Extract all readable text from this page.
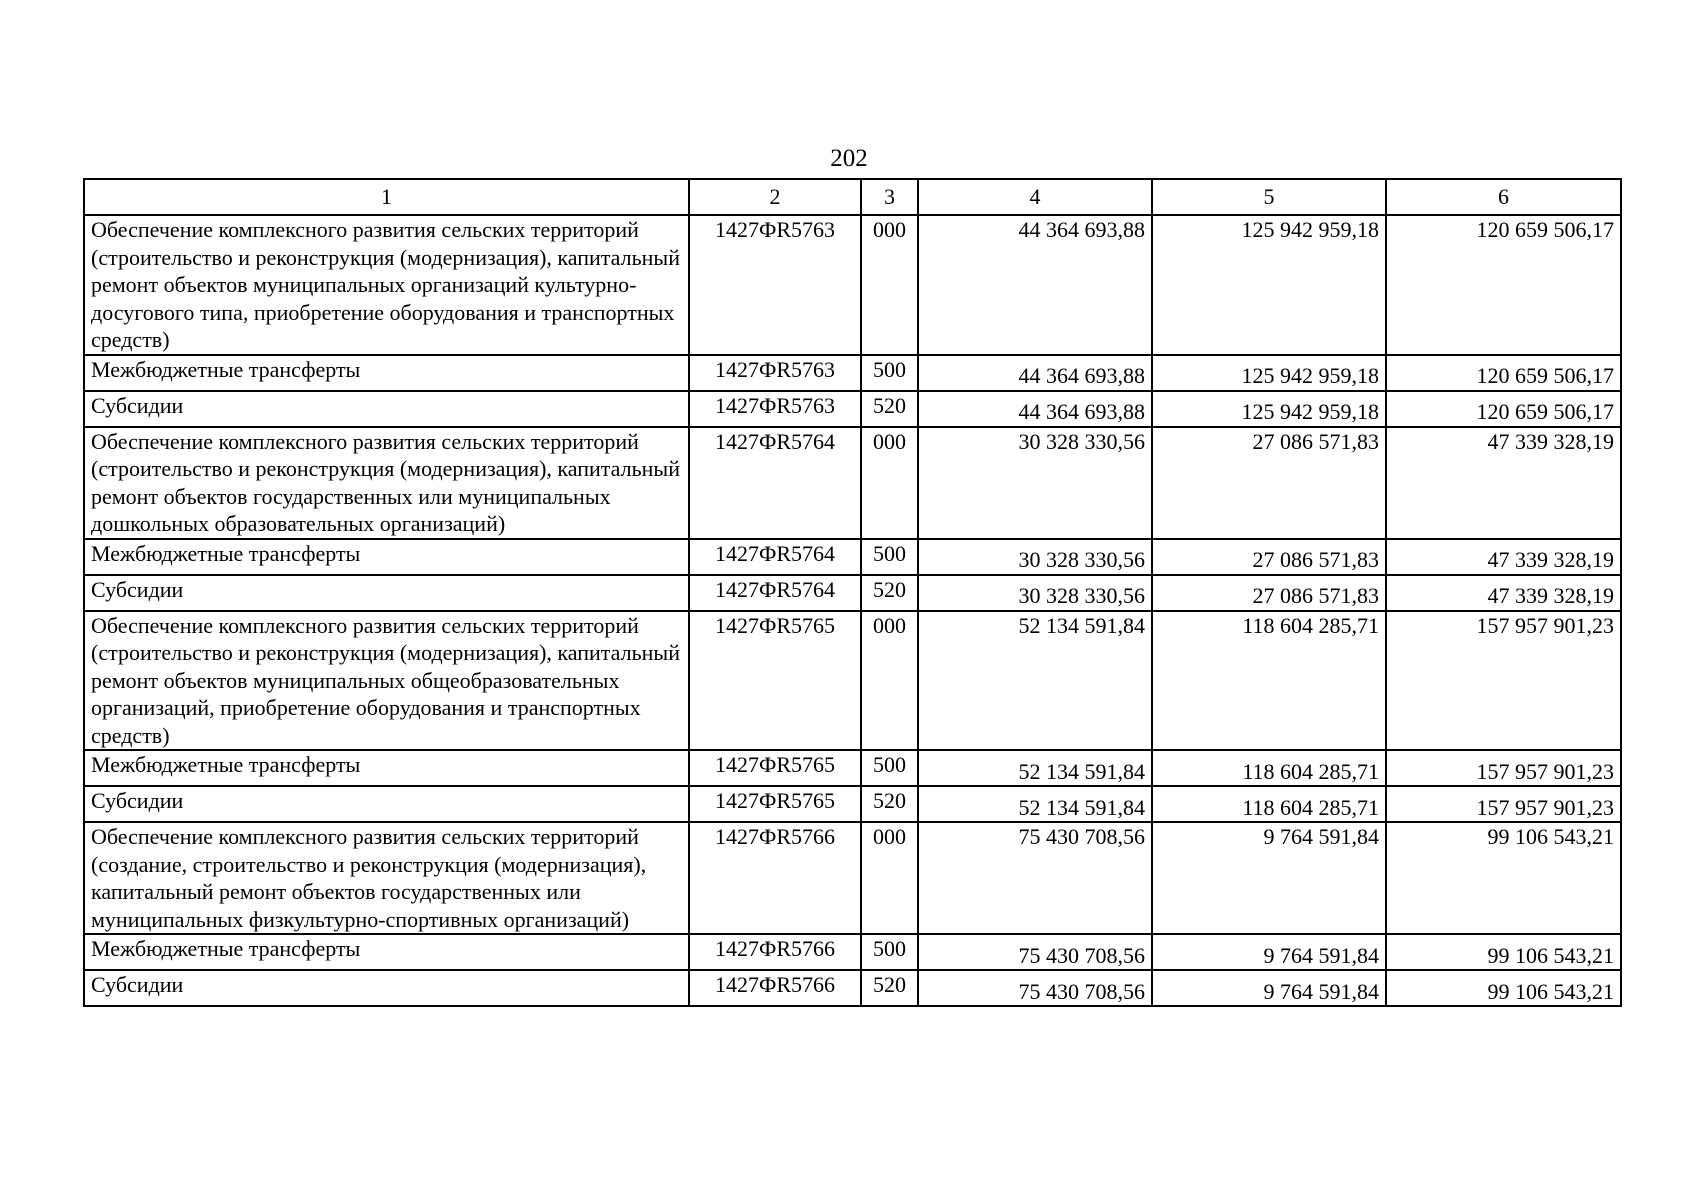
202
1	2	3	4	5	6
Обеспечение комплексного развития сельских территорий (строительство и реконструкция (модернизация), капитальный ремонт объектов муниципальных организаций культурно-досугового типа, приобретение оборудования и транспортных средств)	1427ФR5763	000	44 364 693,88	125 942 959,18	120 659 506,17
Межбюджетные трансферты	1427ФR5763	500	44 364 693,88	125 942 959,18	120 659 506,17
Субсидии	1427ФR5763	520	44 364 693,88	125 942 959,18	120 659 506,17
Обеспечение комплексного развития сельских территорий (строительство и реконструкция (модернизация), капитальный ремонт объектов государственных или муниципальных дошкольных образовательных организаций)	1427ФR5764	000	30 328 330,56	27 086 571,83	47 339 328,19
Межбюджетные трансферты	1427ФR5764	500	30 328 330,56	27 086 571,83	47 339 328,19
Субсидии	1427ФR5764	520	30 328 330,56	27 086 571,83	47 339 328,19
Обеспечение комплексного развития сельских территорий (строительство и реконструкция (модернизация), капитальный ремонт объектов муниципальных общеобразовательных организаций, приобретение оборудования и транспортных средств)	1427ФR5765	000	52 134 591,84	118 604 285,71	157 957 901,23
Межбюджетные трансферты	1427ФR5765	500	52 134 591,84	118 604 285,71	157 957 901,23
Субсидии	1427ФR5765	520	52 134 591,84	118 604 285,71	157 957 901,23
Обеспечение комплексного развития сельских территорий (создание, строительство и реконструкция (модернизация), капитальный ремонт объектов государственных или муниципальных физкультурно-спортивных организаций)	1427ФR5766	000	75 430 708,56	9 764 591,84	99 106 543,21
Межбюджетные трансферты	1427ФR5766	500	75 430 708,56	9 764 591,84	99 106 543,21
Субсидии	1427ФR5766	520	75 430 708,56	9 764 591,84	99 106 543,21
